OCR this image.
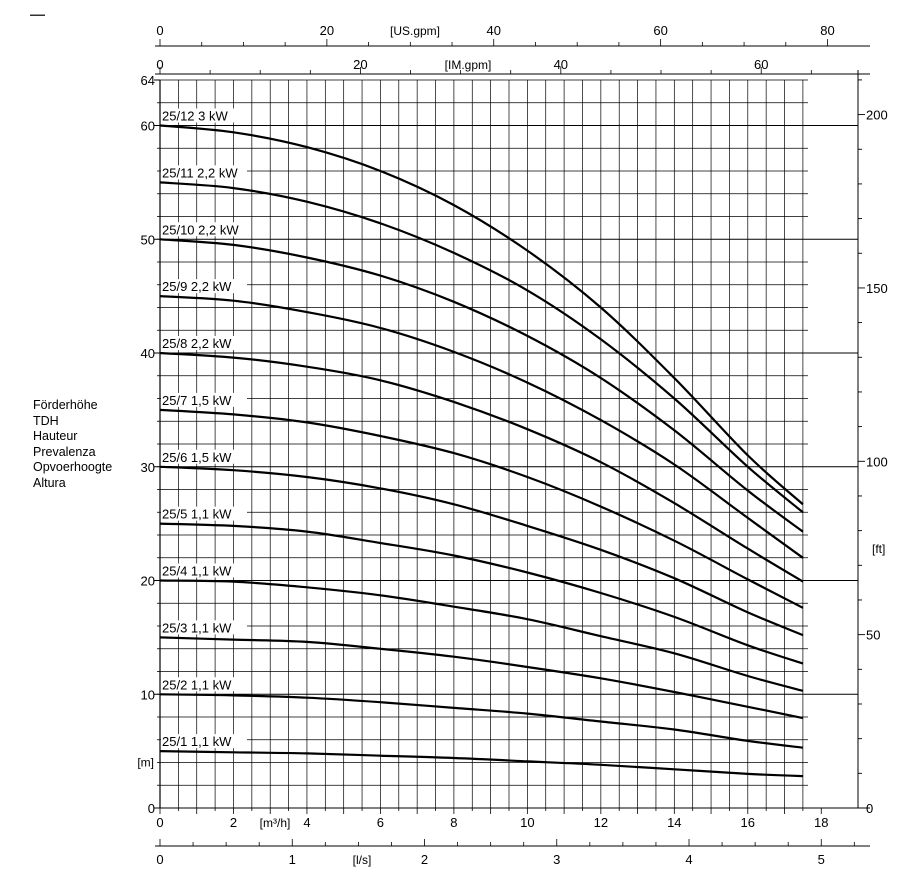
▬▬▬
Förderhöhe
TDH
Hauteur
Prevalenza
Opvoerhoogte
Altura
0
10
20
30
40
50
60
64
[m]
0
50
100
150
200
[ft]
0	2	4	6	8	10	12	14	16	18
[m³/h]
0	1	2	3	4	5
[l/s]
0	20	40	60	80
[US.gpm]
0	20	40	60
[IM.gpm]
25/1 1,1 kW
25/2 1,1 kW
25/3 1,1 kW
25/4 1,1 kW
25/5 1,1 kW
25/6 1,5 kW
25/7 1,5 kW
25/8 2,2 kW
25/9 2,2 kW
25/10 2,2 kW
25/11 2,2 kW
25/12 3 kW
